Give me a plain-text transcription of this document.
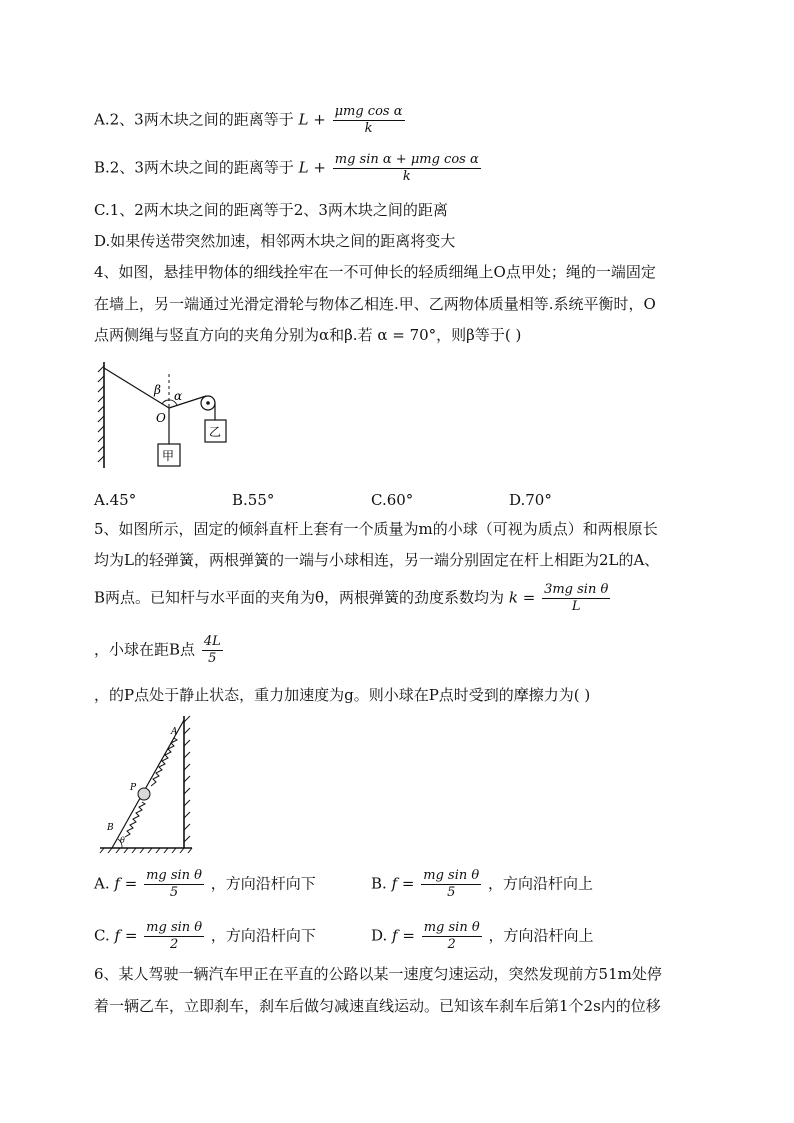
A.2、3两木块之间的距离等于 $L + \frac{\text{μmg cos α}}{k}$
B.2、3两木块之间的距离等于 $L + \frac{\text{mg sin α + μmg cos α}}{k}$
C.1、2两木块之间的距离等于2、3两木块之间的距离
D.如果传送带突然加速，相邻两木块之间的距离将变大
4、如图，悬挂甲物体的细线拴牢在一不可伸长的轻质细绳上O点甲处；绳的一端固定
在墙上，另一端通过光滑定滑轮与物体乙相连.甲、乙两物体质量相等.系统平衡时，O
点两侧绳与竖直方向的夹角分别为α和β.若 α = 70°，则β等于( )
β α
O
甲
乙
A.45°	B.55°	C.60°	D.70°
5、如图所示，固定的倾斜直杆上套有一个质量为m的小球（可视为质点）和两根原长
均为L的轻弹簧，两根弹簧的一端与小球相连，另一端分别固定在杆上相距为2L的A、
B两点。已知杆与水平面的夹角为θ，两根弹簧的劲度系数均为 $k = \frac{\text{3mg sin θ}}{L}$
，小球在距B点 $\frac{4L}{5}$
，的P点处于静止状态，重力加速度为g。则小球在P点时受到的摩擦力为( )
A
P
B
θ
A. $f = \frac{\text{mg sin θ}}{5}$ ，方向沿杆向下	B. $f = \frac{\text{mg sin θ}}{5}$ ，方向沿杆向上
C. $f = \frac{\text{mg sin θ}}{2}$ ，方向沿杆向下	D. $f = \frac{\text{mg sin θ}}{2}$ ，方向沿杆向上
6、某人驾驶一辆汽车甲正在平直的公路以某一速度匀速运动，突然发现前方51m处停
着一辆乙车，立即刹车，刹车后做匀减速直线运动。已知该车刹车后第1个2s内的位移
